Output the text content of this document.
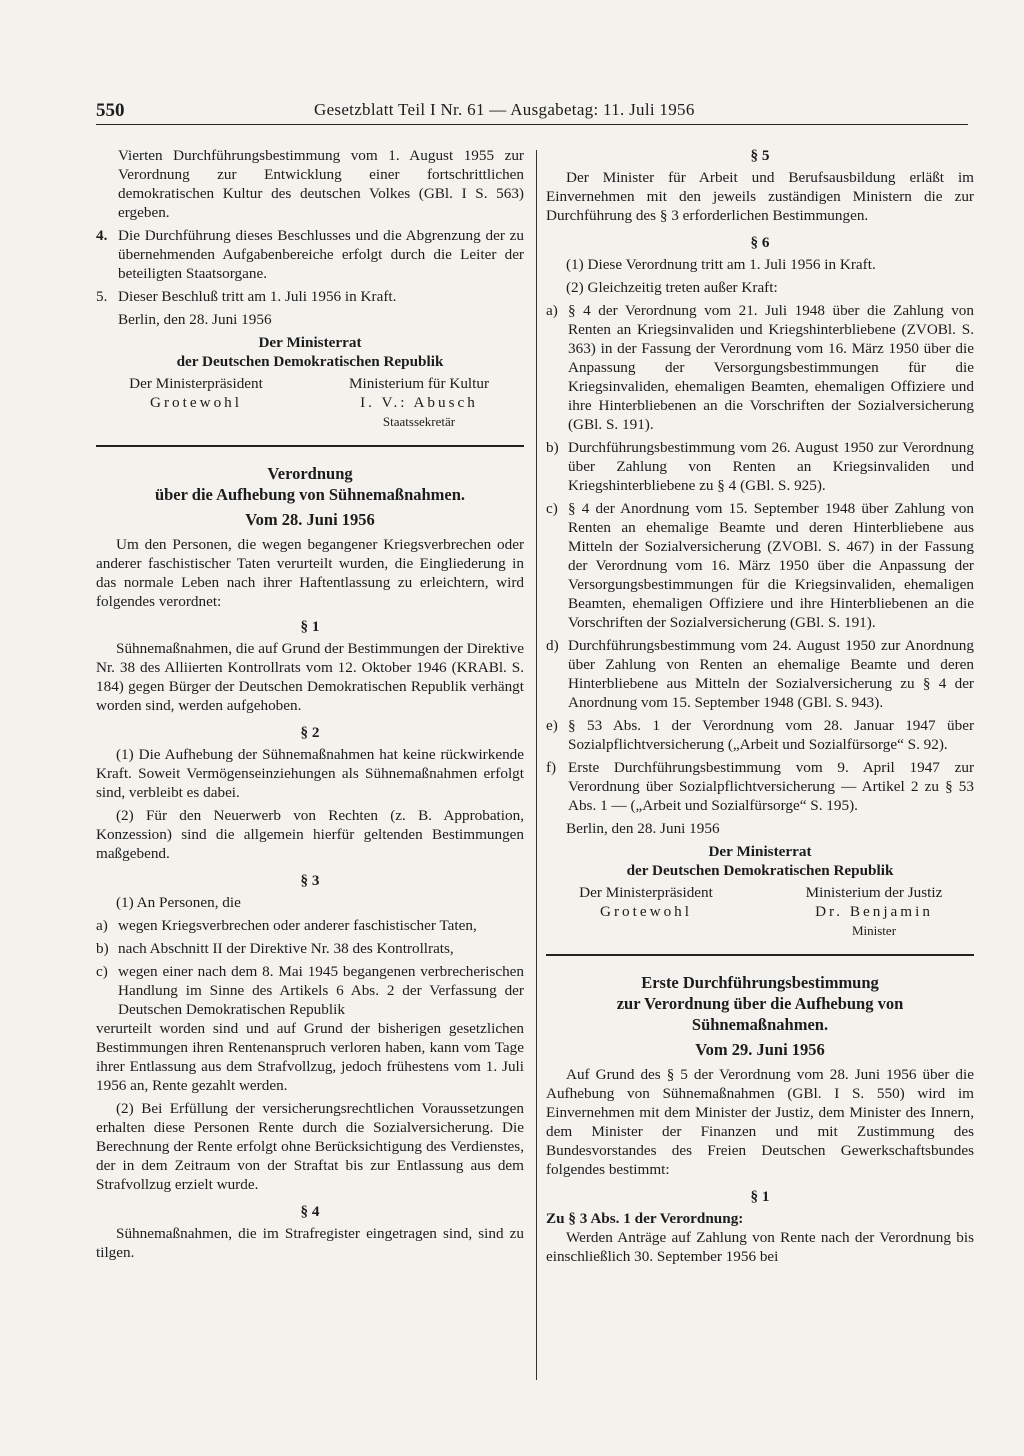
550	Gesetzblatt Teil I Nr. 61 — Ausgabetag: 11. Juli 1956

Vierten Durchführungsbestimmung vom 1. August 1955 zur Verordnung zur Entwicklung einer fortschrittlichen demokratischen Kultur des deutschen Volkes (GBl. I S. 563) ergeben.

4. Die Durchführung dieses Beschlusses und die Abgrenzung der zu übernehmenden Aufgabenbereiche erfolgt durch die Leiter der beteiligten Staatsorgane.
5. Dieser Beschluß tritt am 1. Juli 1956 in Kraft.

Berlin, den 28. Juni 1956

Der Ministerrat

der Deutschen Demokratischen Republik

Der Ministerpräsident

Grotewohl

Ministerium für Kultur

I. V.: Abusch

Staatssekretär

Verordnung

über die Aufhebung von Sühnemaßnahmen.

Vom 28. Juni 1956

Um den Personen, die wegen begangener Kriegsverbrechen oder anderer faschistischer Taten verurteilt wurden, die Eingliederung in das normale Leben nach ihrer Haftentlassung zu erleichtern, wird folgendes verordnet:

§ 1

Sühnemaßnahmen, die auf Grund der Bestimmungen der Direktive Nr. 38 des Alliierten Kontrollrats vom 12. Oktober 1946 (KRABl. S. 184) gegen Bürger der Deutschen Demokratischen Republik verhängt worden sind, werden aufgehoben.

§ 2

(1) Die Aufhebung der Sühnemaßnahmen hat keine rückwirkende Kraft. Soweit Vermögenseinziehungen als Sühnemaßnahmen erfolgt sind, verbleibt es dabei.

(2) Für den Neuerwerb von Rechten (z. B. Approbation, Konzession) sind die allgemein hierfür geltenden Bestimmungen maßgebend.

§ 3

(1) An Personen, die

a) wegen Kriegsverbrechen oder anderer faschistischer Taten,
b) nach Abschnitt II der Direktive Nr. 38 des Kontrollrats,
c) wegen einer nach dem 8. Mai 1945 begangenen verbrecherischen Handlung im Sinne des Artikels 6 Abs. 2 der Verfassung der Deutschen Demokratischen Republik

verurteilt worden sind und auf Grund der bisherigen gesetzlichen Bestimmungen ihren Rentenanspruch verloren haben, kann vom Tage ihrer Entlassung aus dem Strafvollzug, jedoch frühestens vom 1. Juli 1956 an, Rente gezahlt werden.

(2) Bei Erfüllung der versicherungsrechtlichen Voraussetzungen erhalten diese Personen Rente durch die Sozialversicherung. Die Berechnung der Rente erfolgt ohne Berücksichtigung des Verdienstes, der in dem Zeitraum von der Straftat bis zur Entlassung aus dem Strafvollzug erzielt wurde.

§ 4

Sühnemaßnahmen, die im Strafregister eingetragen sind, sind zu tilgen.

§ 5

Der Minister für Arbeit und Berufsausbildung erläßt im Einvernehmen mit den jeweils zuständigen Ministern die zur Durchführung des § 3 erforderlichen Bestimmungen.

§ 6

(1) Diese Verordnung tritt am 1. Juli 1956 in Kraft.

(2) Gleichzeitig treten außer Kraft:

a) § 4 der Verordnung vom 21. Juli 1948 über die Zahlung von Renten an Kriegsinvaliden und Kriegshinterbliebene (ZVOBl. S. 363) in der Fassung der Verordnung vom 16. März 1950 über die Anpassung der Versorgungsbestimmungen für die Kriegsinvaliden, ehemaligen Beamten, ehemaligen Offiziere und ihre Hinterbliebenen an die Vorschriften der Sozialversicherung (GBl. S. 191).
b) Durchführungsbestimmung vom 26. August 1950 zur Verordnung über Zahlung von Renten an Kriegsinvaliden und Kriegshinterbliebene zu § 4 (GBl. S. 925).
c) § 4 der Anordnung vom 15. September 1948 über Zahlung von Renten an ehemalige Beamte und deren Hinterbliebene aus Mitteln der Sozialversicherung (ZVOBl. S. 467) in der Fassung der Verordnung vom 16. März 1950 über die Anpassung der Versorgungsbestimmungen für die Kriegsinvaliden, ehemaligen Beamten, ehemaligen Offiziere und ihre Hinterbliebenen an die Vorschriften der Sozialversicherung (GBl. S. 191).
d) Durchführungsbestimmung vom 24. August 1950 zur Anordnung über Zahlung von Renten an ehemalige Beamte und deren Hinterbliebene aus Mitteln der Sozialversicherung zu § 4 der Anordnung vom 15. September 1948 (GBl. S. 943).
e) § 53 Abs. 1 der Verordnung vom 28. Januar 1947 über Sozialpflichtversicherung („Arbeit und Sozialfürsorge“ S. 92).
f) Erste Durchführungsbestimmung vom 9. April 1947 zur Verordnung über Sozialpflichtversicherung — Artikel 2 zu § 53 Abs. 1 — („Arbeit und Sozialfürsorge“ S. 195).

Berlin, den 28. Juni 1956

Der Ministerrat

der Deutschen Demokratischen Republik

Der Ministerpräsident

Grotewohl

Ministerium der Justiz

Dr. Benjamin

Minister

Erste Durchführungsbestimmung

zur Verordnung über die Aufhebung von

Sühnemaßnahmen.

Vom 29. Juni 1956

Auf Grund des § 5 der Verordnung vom 28. Juni 1956 über die Aufhebung von Sühnemaßnahmen (GBl. I S. 550) wird im Einvernehmen mit dem Minister der Justiz, dem Minister des Innern, dem Minister der Finanzen und mit Zustimmung des Bundesvorstandes des Freien Deutschen Gewerkschaftsbundes folgendes bestimmt:

§ 1

Zu § 3 Abs. 1 der Verordnung:

Werden Anträge auf Zahlung von Rente nach der Verordnung bis einschließlich 30. September 1956 bei
